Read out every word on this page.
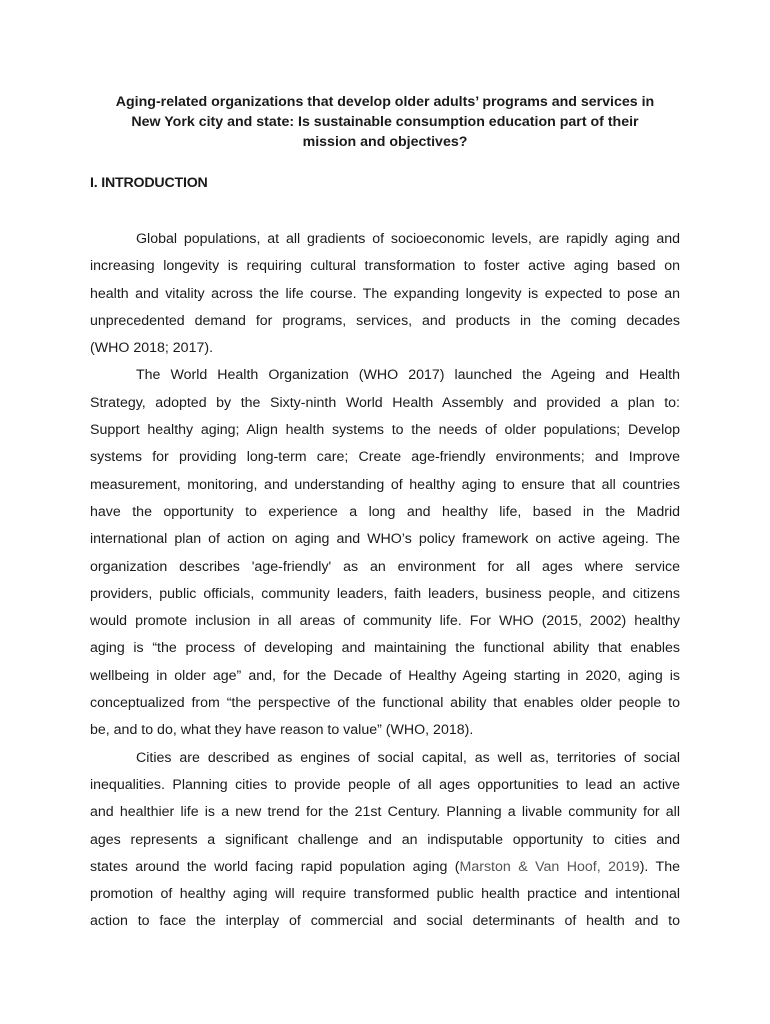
Aging-related organizations that develop older adults’ programs and services in
New York city and state: Is sustainable consumption education part of their
mission and objectives?
I. INTRODUCTION
Global populations, at all gradients of socioeconomic levels, are rapidly aging and
increasing longevity is requiring cultural transformation to foster active aging based on
health and vitality across the life course. The expanding longevity is expected to pose an
unprecedented demand for programs, services, and products in the coming decades
(WHO 2018; 2017).
The World Health Organization (WHO 2017) launched the Ageing and Health
Strategy, adopted by the Sixty-ninth World Health Assembly and provided a plan to:
Support healthy aging; Align health systems to the needs of older populations; Develop
systems for providing long-term care; Create age-friendly environments; and Improve
measurement, monitoring, and understanding of healthy aging to ensure that all countries
have the opportunity to experience a long and healthy life, based in the Madrid
international plan of action on aging and WHO’s policy framework on active ageing. The
organization describes 'age-friendly' as an environment for all ages where service
providers, public officials, community leaders, faith leaders, business people, and citizens
would promote inclusion in all areas of community life. For WHO (2015, 2002) healthy
aging is “the process of developing and maintaining the functional ability that enables
wellbeing in older age” and, for the Decade of Healthy Ageing starting in 2020, aging is
conceptualized from “the perspective of the functional ability that enables older people to
be, and to do, what they have reason to value” (WHO, 2018).
Cities are described as engines of social capital, as well as, territories of social
inequalities. Planning cities to provide people of all ages opportunities to lead an active
and healthier life is a new trend for the 21st Century. Planning a livable community for all
ages represents a significant challenge and an indisputable opportunity to cities and
states around the world facing rapid population aging (Marston & Van Hoof, 2019). The
promotion of healthy aging will require transformed public health practice and intentional
action to face the interplay of commercial and social determinants of health and to
